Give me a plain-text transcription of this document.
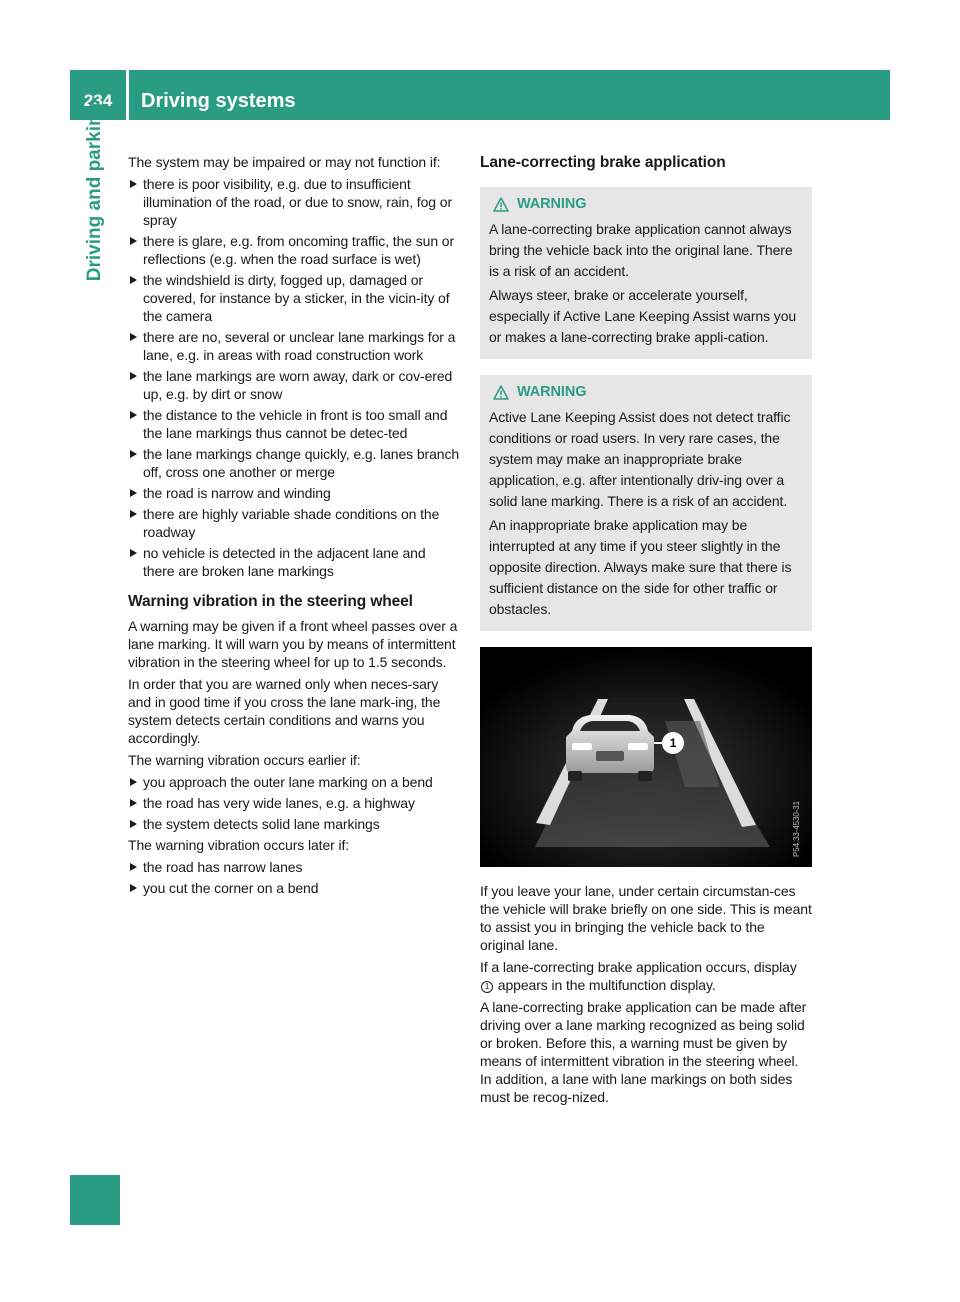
234	Driving systems
Driving and parking The system may be impaired or may not function if:

there is poor visibility, e.g. due to insufficient illumination of the road, or due to snow, rain, fog or spray
there is glare, e.g. from oncoming traffic, the sun or reflections (e.g. when the road surface is wet)
the windshield is dirty, fogged up, damaged or covered, for instance by a sticker, in the vicin-ity of the camera
there are no, several or unclear lane markings for a lane, e.g. in areas with road construction work
the lane markings are worn away, dark or cov-ered up, e.g. by dirt or snow
the distance to the vehicle in front is too small and the lane markings thus cannot be detec-ted
the lane markings change quickly, e.g. lanes branch off, cross one another or merge
the road is narrow and winding
there are highly variable shade conditions on the roadway
no vehicle is detected in the adjacent lane and there are broken lane markings
Warning vibration in the steering wheel

A warning may be given if a front wheel passes over a lane marking. It will warn you by means of intermittent vibration in the steering wheel for up to 1.5 seconds.

In order that you are warned only when neces-sary and in good time if you cross the lane mark-ing, the system detects certain conditions and warns you accordingly.

The warning vibration occurs earlier if:

you approach the outer lane marking on a bend
the road has very wide lanes, e.g. a highway
the system detects solid lane markings

The warning vibration occurs later if:

the road has narrow lanes
you cut the corner on a bend
Lane-correcting brake application
WARNING

A lane-correcting brake application cannot always bring the vehicle back into the original lane. There is a risk of an accident.

Always steer, brake or accelerate yourself, especially if Active Lane Keeping Assist warns you or makes a lane-correcting brake appli-cation.

WARNING

Active Lane Keeping Assist does not detect traffic conditions or road users. In very rare cases, the system may make an inappropriate brake application, e.g. after intentionally driv-ing over a solid lane marking. There is a risk of an accident.

An inappropriate brake application may be interrupted at any time if you steer slightly in the opposite direction. Always make sure that there is sufficient distance on the side for other traffic or obstacles.

1
P54.33-4530-31

If you leave your lane, under certain circumstan-ces the vehicle will brake briefly on one side. This is meant to assist you in bringing the vehicle back to the original lane.

If a lane-correcting brake application occurs, display 1 appears in the multifunction display.

A lane-correcting brake application can be made after driving over a lane marking recognized as being solid or broken. Before this, a warning must be given by means of intermittent vibration in the steering wheel. In addition, a lane with lane markings on both sides must be recog-nized.
